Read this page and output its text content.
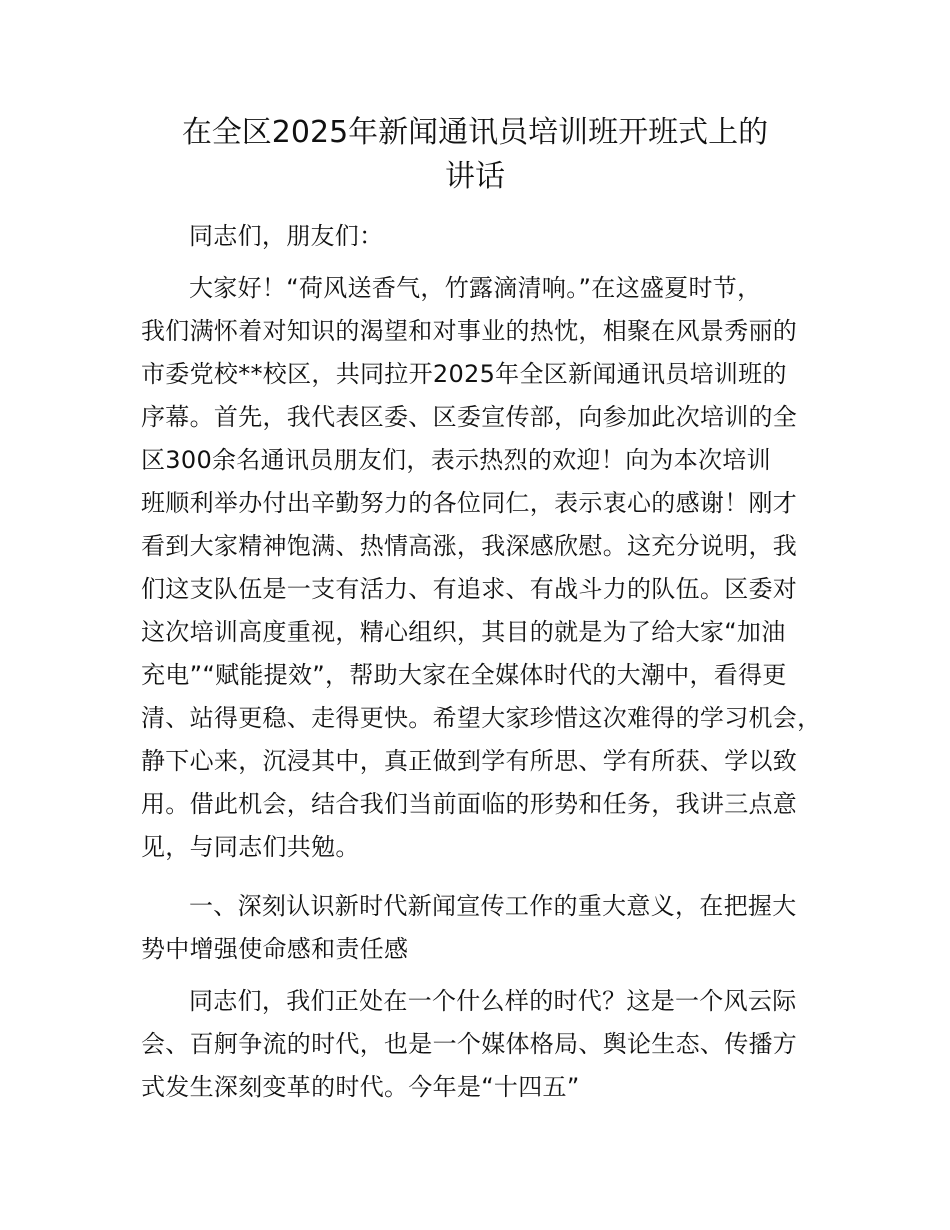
在全区2025年新闻通讯员培训班开班式上的
讲话
同志们，朋友们：
大家好！“荷风送香气，竹露滴清响。”在这盛夏时节，
我们满怀着对知识的渴望和对事业的热忱，相聚在风景秀丽的
市委党校**校区，共同拉开2025年全区新闻通讯员培训班的
序幕。首先，我代表区委、区委宣传部，向参加此次培训的全
区300余名通讯员朋友们，表示热烈的欢迎！向为本次培训
班顺利举办付出辛勤努力的各位同仁，表示衷心的感谢！刚才
看到大家精神饱满、热情高涨，我深感欣慰。这充分说明，我
们这支队伍是一支有活力、有追求、有战斗力的队伍。区委对
这次培训高度重视，精心组织，其目的就是为了给大家“加油
充电”“赋能提效”，帮助大家在全媒体时代的大潮中，看得更
清、站得更稳、走得更快。希望大家珍惜这次难得的学习机会，
静下心来，沉浸其中，真正做到学有所思、学有所获、学以致
用。借此机会，结合我们当前面临的形势和任务，我讲三点意
见，与同志们共勉。
一、深刻认识新时代新闻宣传工作的重大意义，在把握大
势中增强使命感和责任感
同志们，我们正处在一个什么样的时代？这是一个风云际
会、百舸争流的时代，也是一个媒体格局、舆论生态、传播方
式发生深刻变革的时代。今年是“十四五”
